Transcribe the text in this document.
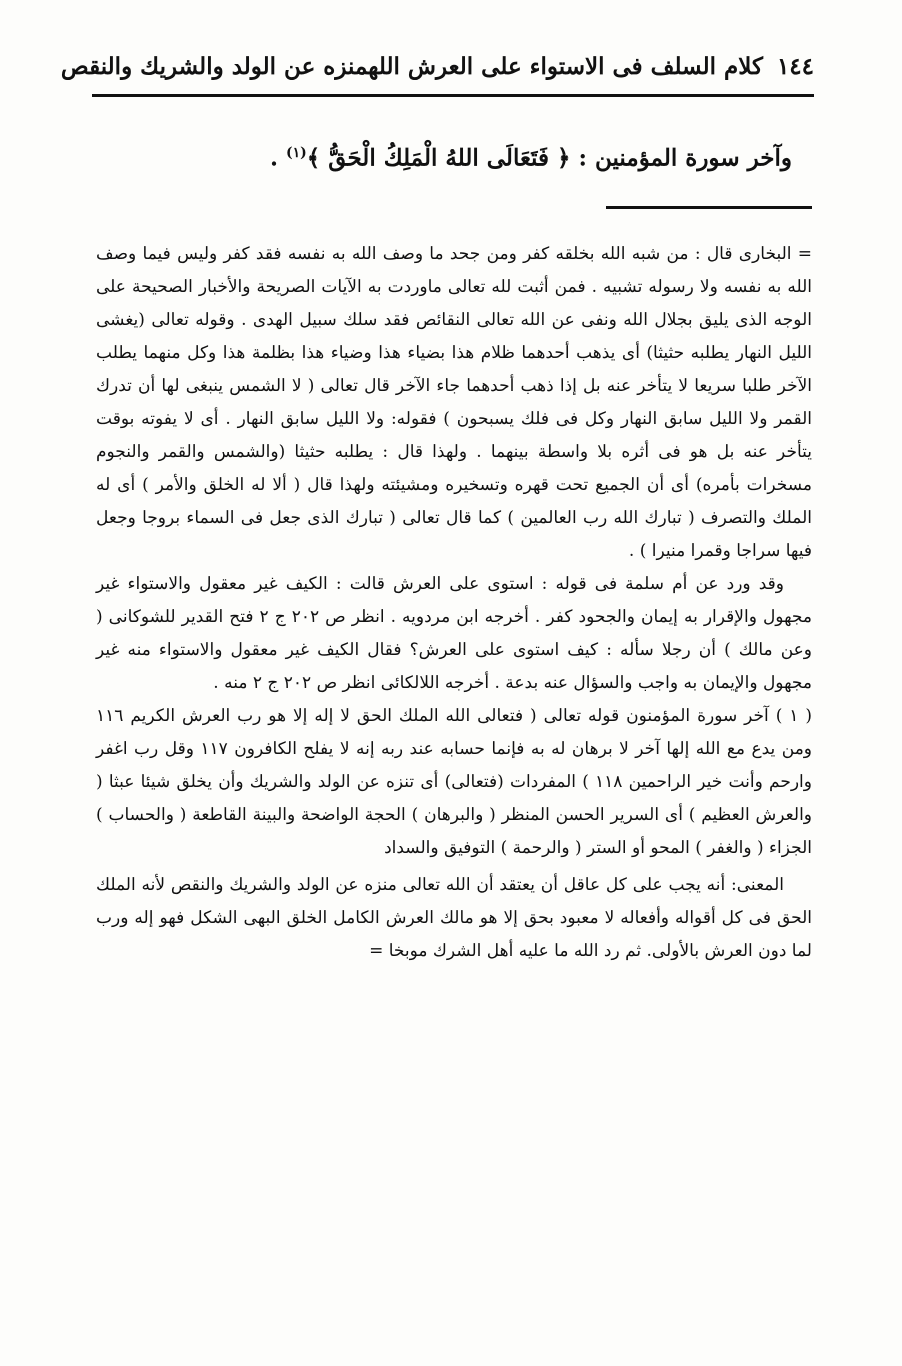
١٤٤
كلام السلف فى الاستواء على العرش اللهمنزه عن الولد والشريك والنقص
وآخر سورة المؤمنين : ﴿ فَتَعَالَى اللهُ الْمَلِكُ الْحَقُّ ﴾$^{(١)}$ .

= البخارى قال : من شبه الله بخلقه كفر ومن جحد ما وصف الله به نفسه فقد كفر وليس فيما وصف الله به نفسه ولا رسوله تشبيه . فمن أثبت لله تعالى ماوردت به الآيات الصريحة والأخبار الصحيحة على الوجه الذى يليق بجلال الله ونفى عن الله تعالى النقائص فقد سلك سبيل الهدى . وقوله تعالى (يغشى الليل النهار يطلبه حثيثا) أى يذهب أحدهما ظلام هذا بضياء هذا وضياء هذا بظلمة هذا وكل منهما يطلب الآخر طلبا سريعا لا يتأخر عنه بل إذا ذهب أحدهما جاء الآخر قال تعالى ( لا الشمس ينبغى لها أن تدرك القمر ولا الليل سابق النهار وكل فى فلك يسبحون ) فقوله: ولا الليل سابق النهار . أى لا يفوته بوقت يتأخر عنه بل هو فى أثره بلا واسطة بينهما . ولهذا قال : يطلبه حثيثا (والشمس والقمر والنجوم مسخرات بأمره) أى أن الجميع تحت قهره وتسخيره ومشيئته ولهذا قال ( ألا له الخلق والأمر ) أى له الملك والتصرف ( تبارك الله رب العالمين ) كما قال تعالى ( تبارك الذى جعل فى السماء بروجا وجعل فيها سراجا وقمرا منيرا ) .

وقد ورد عن أم سلمة فى قوله : استوى على العرش قالت : الكيف غير معقول والاستواء غير مجهول والإقرار به إيمان والجحود كفر . أخرجه ابن مردويه . انظر ص ٢٠٢ ج ٢ فتح القدير للشوكانى ( وعن مالك ) أن رجلا سأله : كيف استوى على العرش؟ فقال الكيف غير معقول والاستواء منه غير مجهول والإيمان به واجب والسؤال عنه بدعة . أخرجه اللالكائى انظر ص ٢٠٢ ج ٢ منه .

( ١ ) آخر سورة المؤمنون قوله تعالى ( فتعالى الله الملك الحق لا إله إلا هو رب العرش الكريم ١١٦ ومن يدع مع الله إلها آخر لا برهان له به فإنما حسابه عند ربه إنه لا يفلح الكافرون ١١٧ وقل رب اغفر وارحم وأنت خير الراحمين ١١٨ ) المفردات (فتعالى) أى تنزه عن الولد والشريك وأن يخلق شيئا عبثا ( والعرش العظيم ) أى السرير الحسن المنظر ( والبرهان ) الحجة الواضحة والبينة القاطعة ( والحساب ) الجزاء ( والغفر ) المحو أو الستر ( والرحمة ) التوفيق والسداد

المعنى: أنه يجب على كل عاقل أن يعتقد أن الله تعالى منزه عن الولد والشريك والنقص لأنه الملك الحق فى كل أقواله وأفعاله لا معبود بحق إلا هو مالك العرش الكامل الخلق البهى الشكل فهو إله ورب لما دون العرش بالأولى. ثم رد الله ما عليه أهل الشرك موبخا =
